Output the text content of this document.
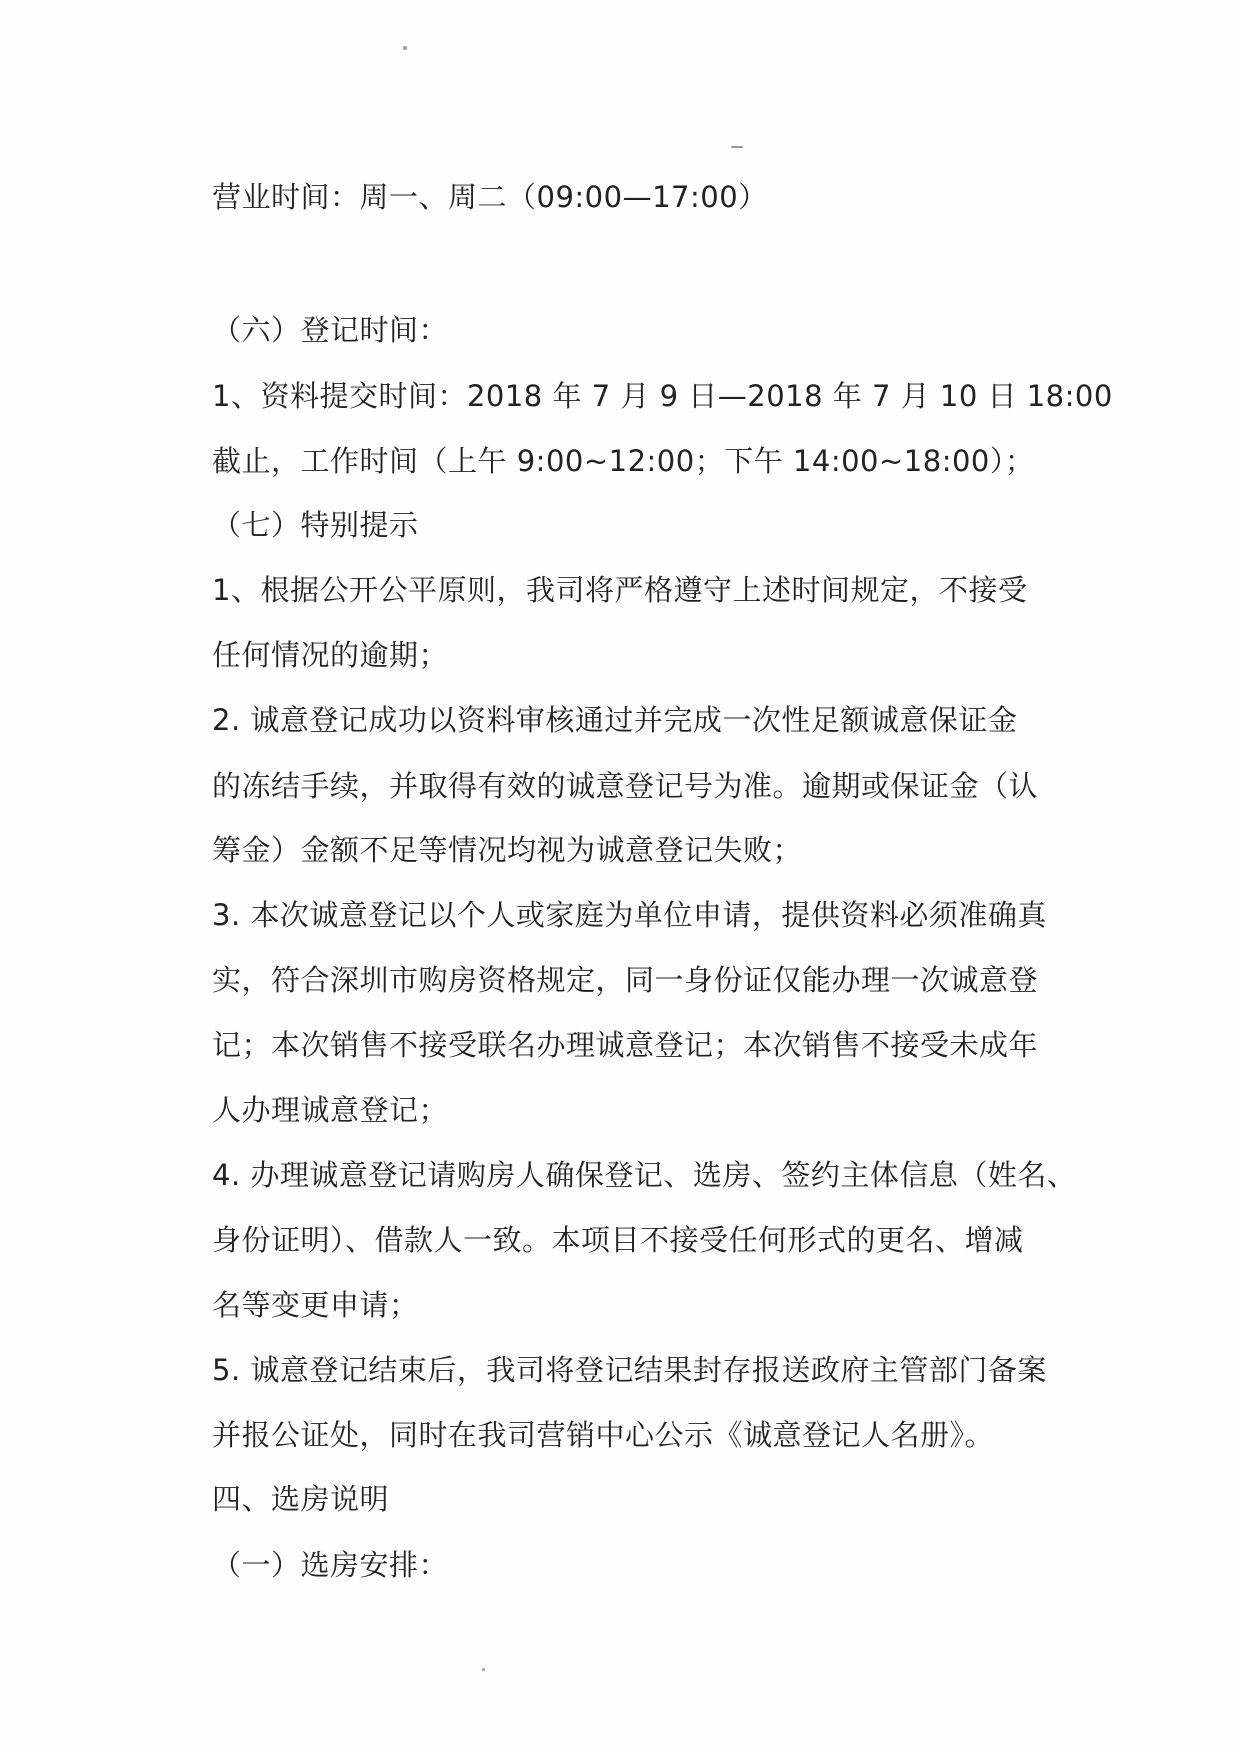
营业时间：周一、周二（09:00—17:00）
（六）登记时间：
1、资料提交时间：2018 年 7 月 9 日—2018 年 7 月 10 日 18:00
截止，工作时间（上午 9:00~12:00；下午 14:00~18:00）；
（七）特别提示
1、根据公开公平原则，我司将严格遵守上述时间规定，不接受
任何情况的逾期；
2. 诚意登记成功以资料审核通过并完成一次性足额诚意保证金
的冻结手续，并取得有效的诚意登记号为准。逾期或保证金（认
筹金）金额不足等情况均视为诚意登记失败；
3. 本次诚意登记以个人或家庭为单位申请，提供资料必须准确真
实，符合深圳市购房资格规定，同一身份证仅能办理一次诚意登
记；本次销售不接受联名办理诚意登记；本次销售不接受未成年
人办理诚意登记；
4. 办理诚意登记请购房人确保登记、选房、签约主体信息（姓名、
身份证明）、借款人一致。本项目不接受任何形式的更名、增减
名等变更申请；
5. 诚意登记结束后，我司将登记结果封存报送政府主管部门备案
并报公证处，同时在我司营销中心公示《诚意登记人名册》。
四、选房说明
（一）选房安排：
